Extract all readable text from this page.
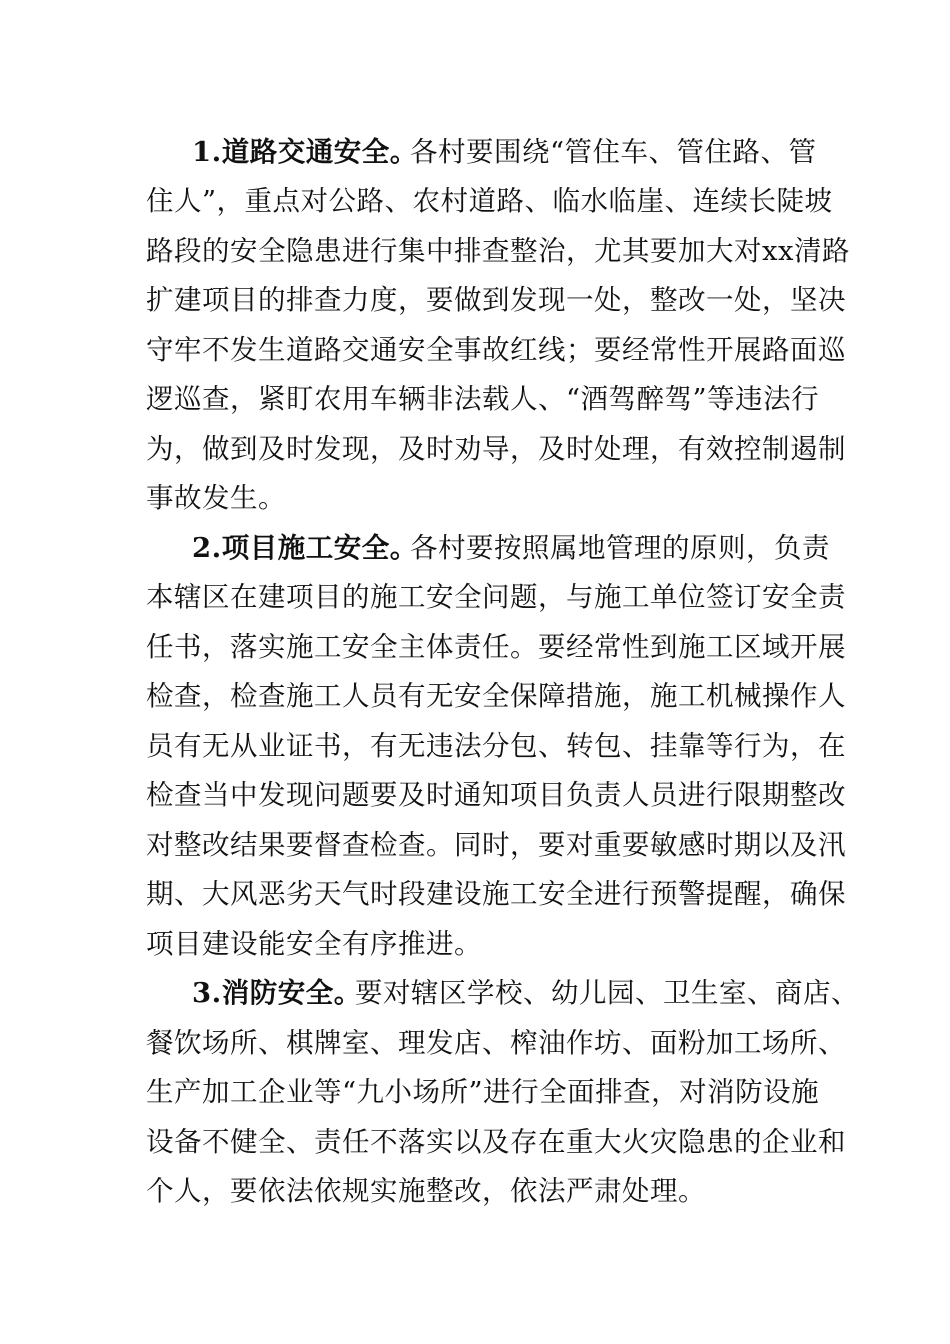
1.道路交通安全。
各村要围绕“管住车、管住路、管
住人”，重点对公路、农村道路、临水临崖、连续长陡坡
路段的安全隐患进行集中排查整治，尤其要加大对xx清路
扩建项目的排查力度，要做到发现一处，整改一处，坚决
守牢不发生道路交通安全事故红线；要经常性开展路面巡
逻巡查，紧盯农用车辆非法载人、“酒驾醉驾”等违法行
为，做到及时发现，及时劝导，及时处理，有效控制遏制
事故发生。
2.项目施工安全。
各村要按照属地管理的原则，负责
本辖区在建项目的施工安全问题，与施工单位签订安全责
任书，落实施工安全主体责任。要经常性到施工区域开展
检查，检查施工人员有无安全保障措施，施工机械操作人
员有无从业证书，有无违法分包、转包、挂靠等行为，在
检查当中发现问题要及时通知项目负责人员进行限期整改
对整改结果要督查检查。同时，要对重要敏感时期以及汛
期、大风恶劣天气时段建设施工安全进行预警提醒，确保
项目建设能安全有序推进。
3.消防安全。
要对辖区学校、幼儿园、卫生室、商店、
餐饮场所、棋牌室、理发店、榨油作坊、面粉加工场所、
生产加工企业等“九小场所”进行全面排查，对消防设施
设备不健全、责任不落实以及存在重大火灾隐患的企业和
个人，要依法依规实施整改，依法严肃处理。
